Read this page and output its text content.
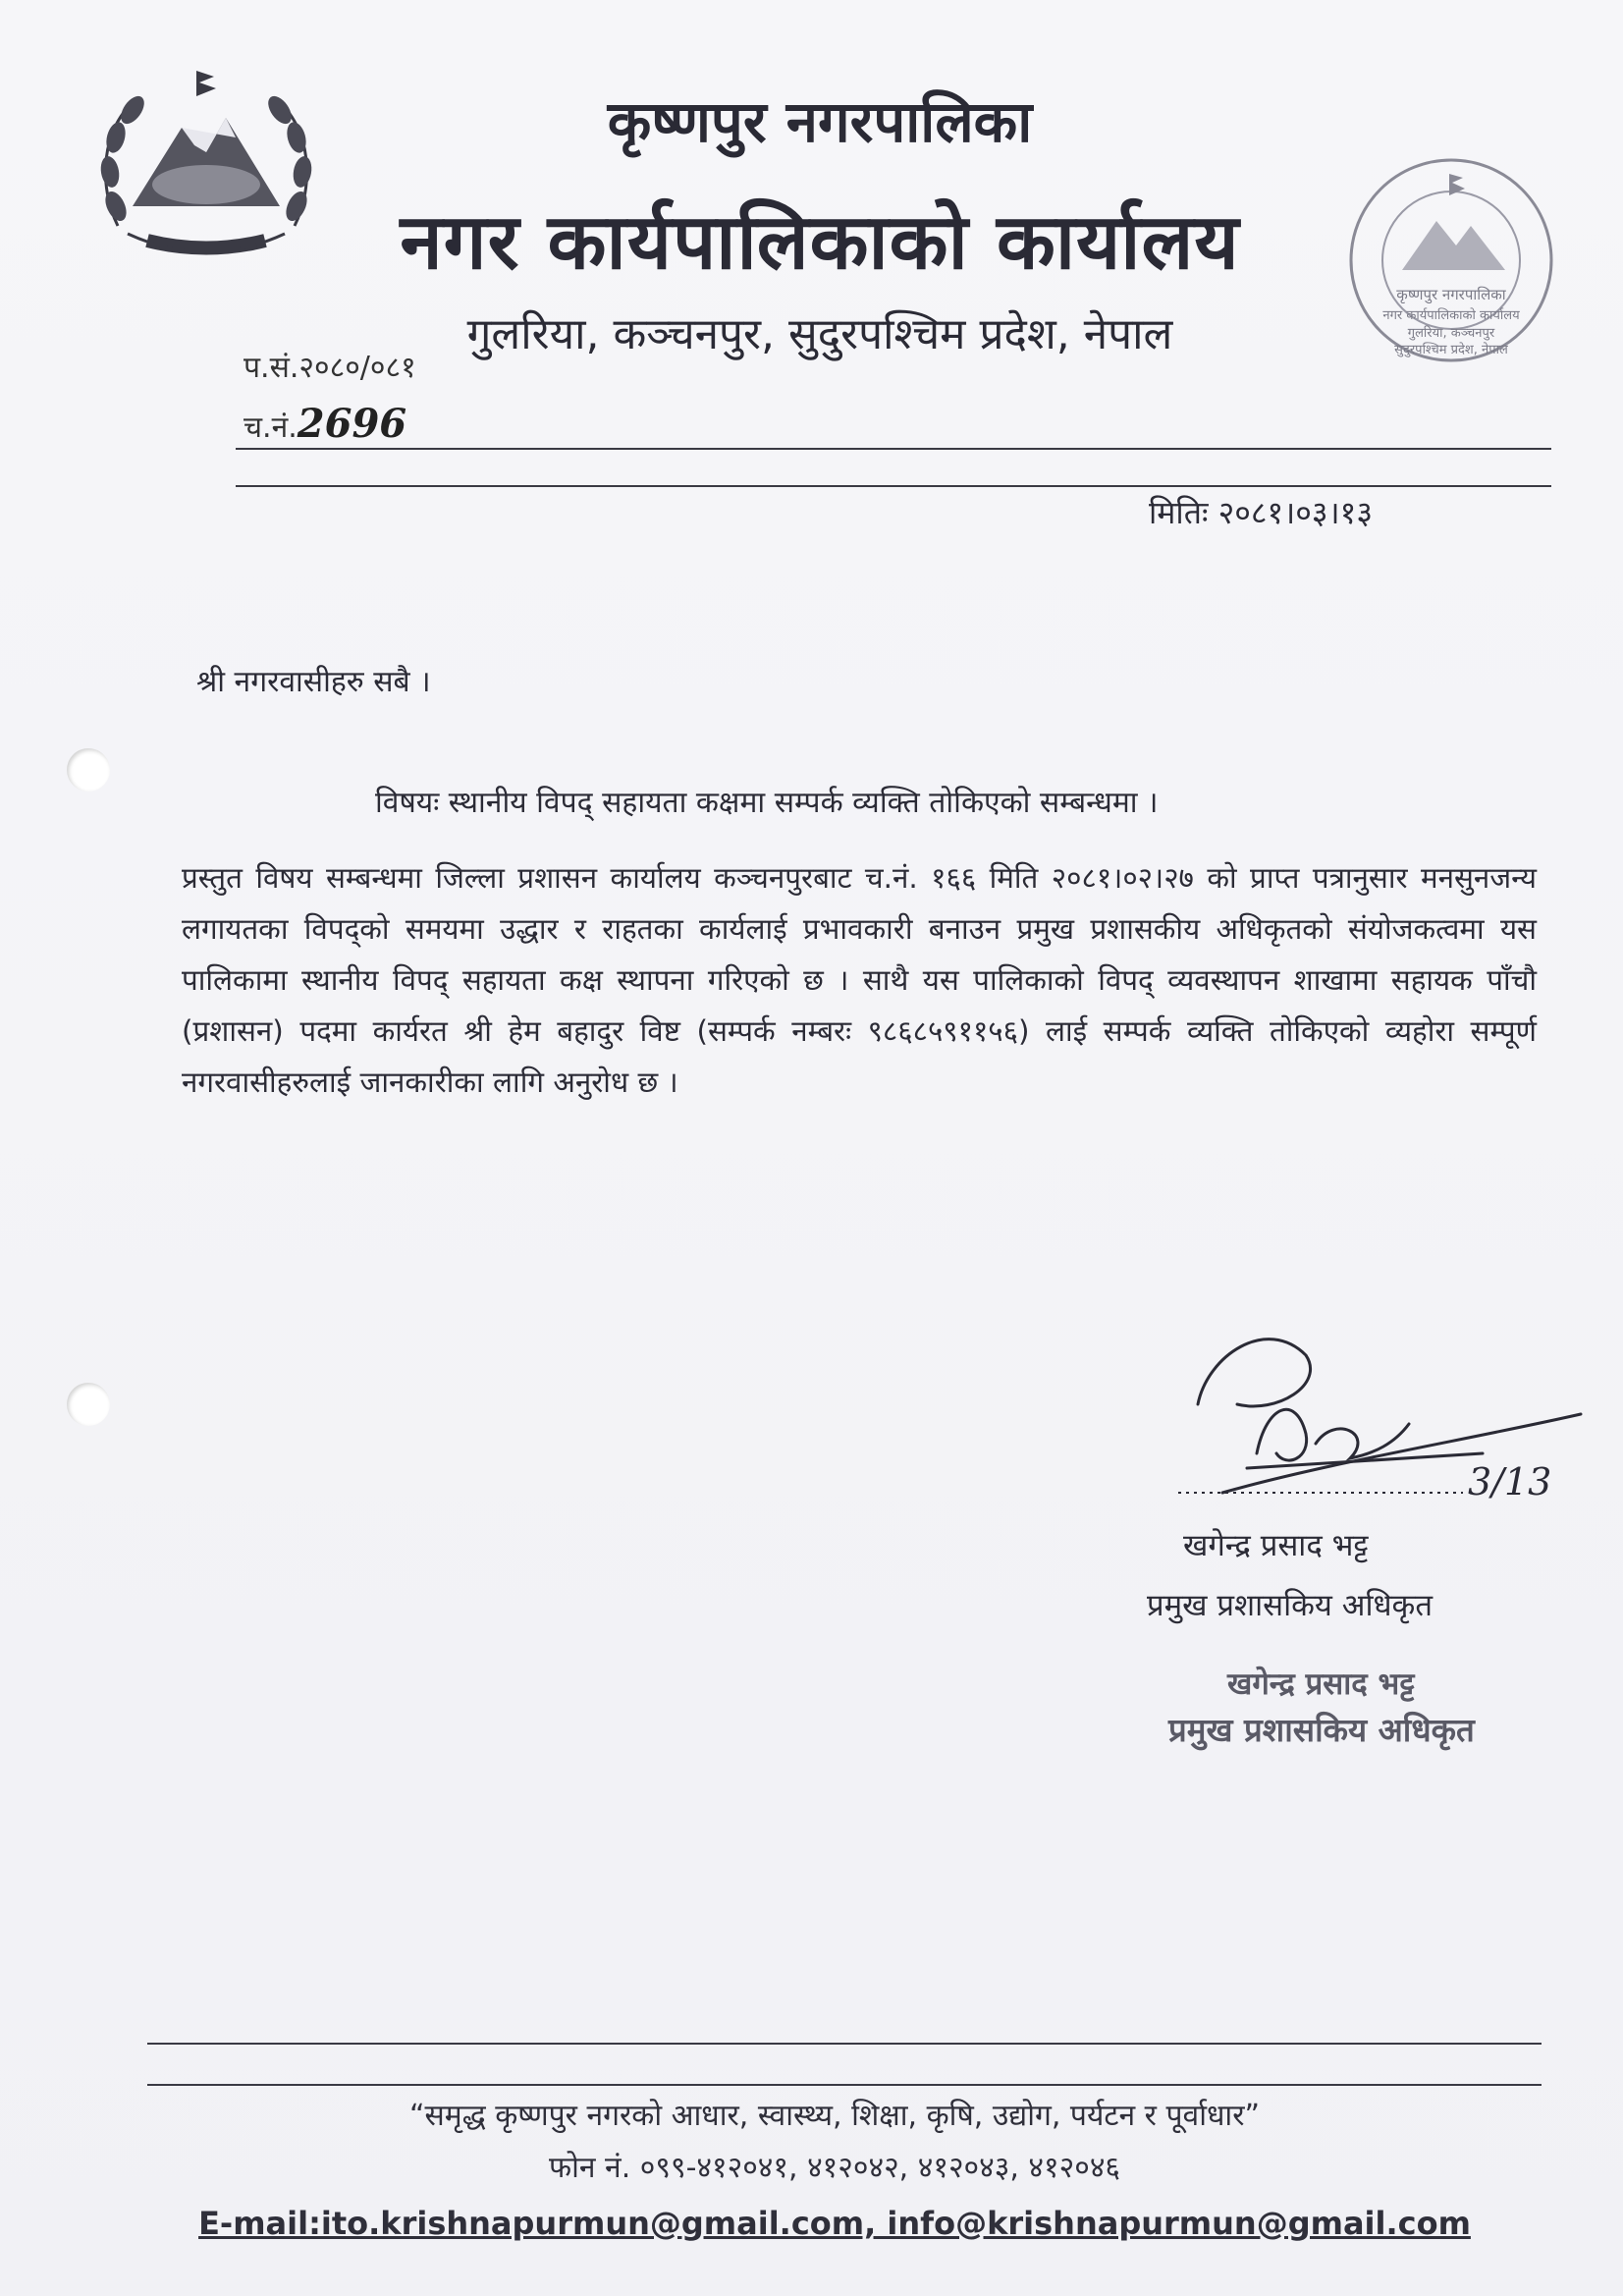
कृष्णपुर नगरपालिका
नगर कार्यपालिकाको कार्यालय
गुलरिया, कञ्चनपुर, सुदुरपश्चिम प्रदेश, नेपाल
कृष्णपुर नगरपालिका
नगर कार्यपालिकाको कार्यालय
गुलरिया, कञ्चनपुर
सुदुरपश्चिम प्रदेश, नेपाल
प.सं.२०८०/०८१
च.नं.2696
मितिः २०८१।०३।१३
श्री नगरवासीहरु सबै ।
विषयः स्थानीय विपद् सहायता कक्षमा सम्पर्क व्यक्ति तोकिएको सम्बन्धमा ।
प्रस्तुत विषय सम्बन्धमा जिल्ला प्रशासन कार्यालय कञ्चनपुरबाट च.नं. १६६ मिति २०८१।०२।२७ को प्राप्त पत्रानुसार मनसुनजन्य लगायतका विपद्को समयमा उद्धार र राहतका कार्यलाई प्रभावकारी बनाउन प्रमुख प्रशासकीय अधिकृतको संयोजकत्वमा यस पालिकामा स्थानीय विपद् सहायता कक्ष स्थापना गरिएको छ । साथै यस पालिकाको विपद् व्यवस्थापन शाखामा सहायक पाँचौ (प्रशासन) पदमा कार्यरत श्री हेम बहादुर विष्ट (सम्पर्क नम्बरः ९८६८५९११५६) लाई सम्पर्क व्यक्ति तोकिएको व्यहोरा सम्पूर्ण नगरवासीहरुलाई जानकारीका लागि अनुरोध छ ।
3/13
खगेन्द्र प्रसाद भट्ट
प्रमुख प्रशासकिय अधिकृत
खगेन्द्र प्रसाद भट्ट
प्रमुख प्रशासकिय अधिकृत
“समृद्ध कृष्णपुर नगरको आधार, स्वास्थ्य, शिक्षा, कृषि, उद्योग, पर्यटन र पूर्वाधार”
फोन नं. ०९९-४१२०४१, ४१२०४२, ४१२०४३, ४१२०४६
E-mail:ito.krishnapurmun@gmail.com, info@krishnapurmun@gmail.com
